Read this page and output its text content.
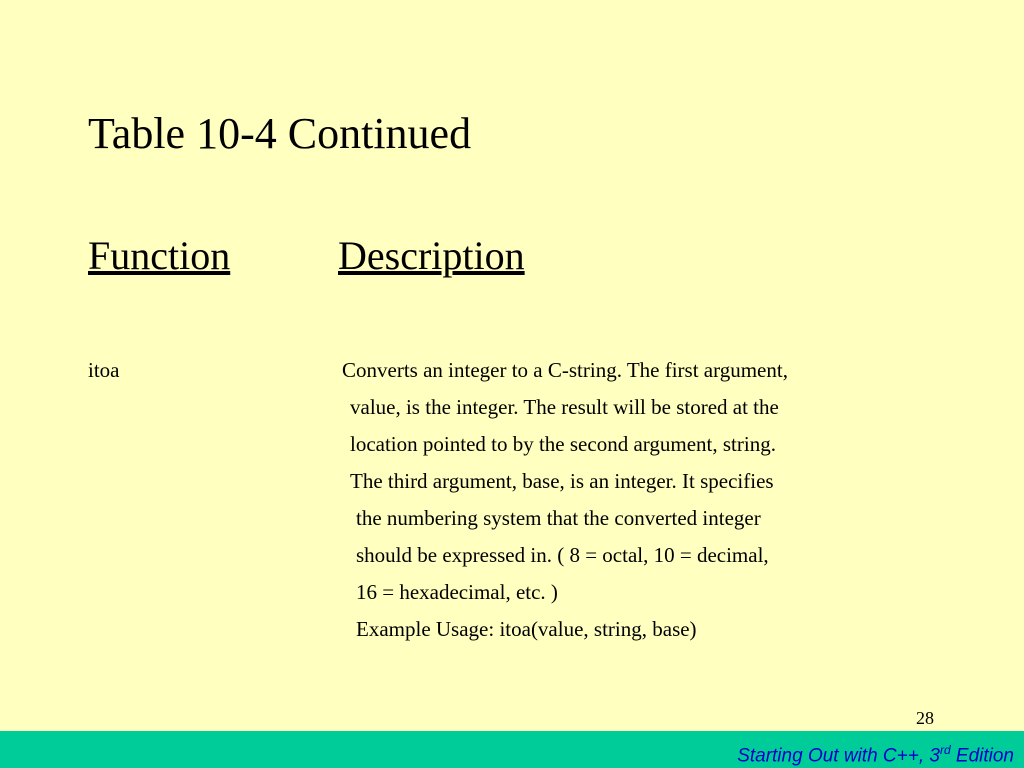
Table 10-4 Continued
Function	Description
itoa	Converts an integer to a C-string. The first argument,
value, is the integer. The result will be stored at the
location pointed to by the second argument, string.
The third argument, base, is an integer. It specifies
the numbering system that the converted integer
should be expressed in. ( 8 = octal, 10 = decimal,
16 = hexadecimal, etc. )
Example Usage: itoa(value, string, base)
28
Starting Out with C++, 3rd Edition
